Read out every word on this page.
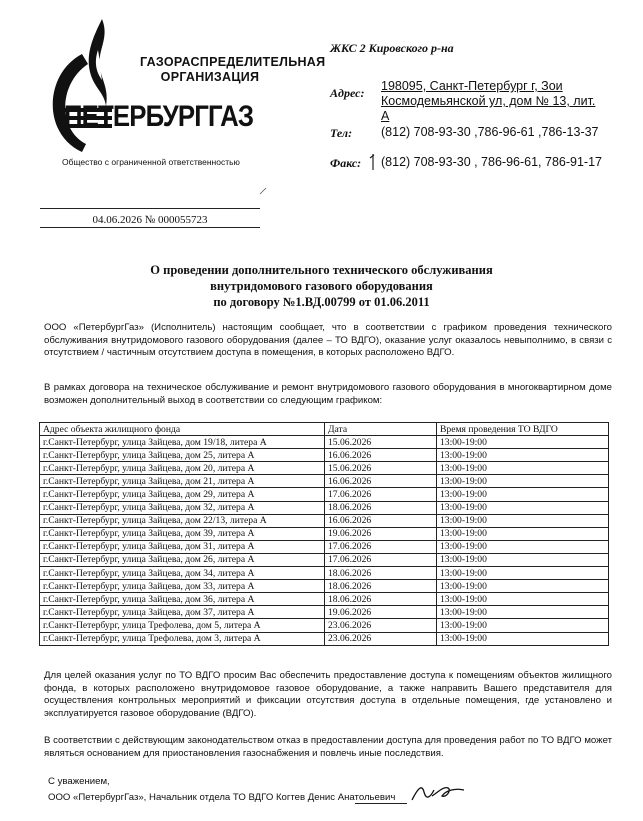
ГАЗОРАСПРЕДЕЛИТЕЛЬНАЯ
ОРГАНИЗАЦИЯ
ПЕТЕРБУРГГАЗ
Общество с ограниченной ответственностью
ЖКС 2 Кировского р-на
Адрес: 198095, Санкт-Петербург г, Зои
Космодемьянской ул, дом № 13, лит.
А
Тел: (812) 708-93-30 ,786-96-61 ,786-13-37
Факс: (812) 708-93-30 , 786-96-61, 786-91-17
04.06.2026 № 000055723
О проведении дополнительного технического обслуживания
внутридомового газового оборудования
по договору №1.ВД.00799 от 01.06.2011
ООО «ПетербургГаз» (Исполнитель) настоящим сообщает, что в соответствии с графиком проведения технического обслуживания внутридомового газового оборудования (далее – ТО ВДГО), оказание услуг оказалось невыполнимо, в связи с отсутствием / частичным отсутствием доступа в помещения, в которых расположено ВДГО.
В рамках договора на техническое обслуживание и ремонт внутридомового газового оборудования в многоквартирном доме возможен дополнительный выход в соответствии со следующим графиком:
Адрес объекта жилищного фонда	Дата	Время проведения ТО ВДГО
г.Санкт-Петербург, улица Зайцева, дом 19/18, литера А	15.06.2026	13:00-19:00
г.Санкт-Петербург, улица Зайцева, дом 25, литера А	16.06.2026	13:00-19:00
г.Санкт-Петербург, улица Зайцева, дом 20, литера А	15.06.2026	13:00-19:00
г.Санкт-Петербург, улица Зайцева, дом 21, литера А	16.06.2026	13:00-19:00
г.Санкт-Петербург, улица Зайцева, дом 29, литера А	17.06.2026	13:00-19:00
г.Санкт-Петербург, улица Зайцева, дом 32, литера А	18.06.2026	13:00-19:00
г.Санкт-Петербург, улица Зайцева, дом 22/13, литера А	16.06.2026	13:00-19:00
г.Санкт-Петербург, улица Зайцева, дом 39, литера А	19.06.2026	13:00-19:00
г.Санкт-Петербург, улица Зайцева, дом 31, литера А	17.06.2026	13:00-19:00
г.Санкт-Петербург, улица Зайцева, дом 26, литера А	17.06.2026	13:00-19:00
г.Санкт-Петербург, улица Зайцева, дом 34, литера А	18.06.2026	13:00-19:00
г.Санкт-Петербург, улица Зайцева, дом 33, литера А	18.06.2026	13:00-19:00
г.Санкт-Петербург, улица Зайцева, дом 36, литера А	18.06.2026	13:00-19:00
г.Санкт-Петербург, улица Зайцева, дом 37, литера А	19.06.2026	13:00-19:00
г.Санкт-Петербург, улица Трефолева, дом 5, литера А	23.06.2026	13:00-19:00
г.Санкт-Петербург, улица Трефолева, дом 3, литера А	23.06.2026	13:00-19:00
Для целей оказания услуг по ТО ВДГО просим Вас обеспечить предоставление доступа к помещениям объектов жилищного фонда, в которых расположено внутридомовое газовое оборудование, а также направить Вашего представителя для осуществления контрольных мероприятий и фиксации отсутствия доступа в отдельные помещения, где установлено и эксплуатируется газовое оборудование (ВДГО).
В соответствии с действующим законодательством отказ в предоставлении доступа для проведения работ по ТО ВДГО может являться основанием для приостановления газоснабжения и повлечь иные последствия.
С уважением,
ООО «ПетербургГаз», Начальник отдела ТО ВДГО Когтев Денис Анатольевич
